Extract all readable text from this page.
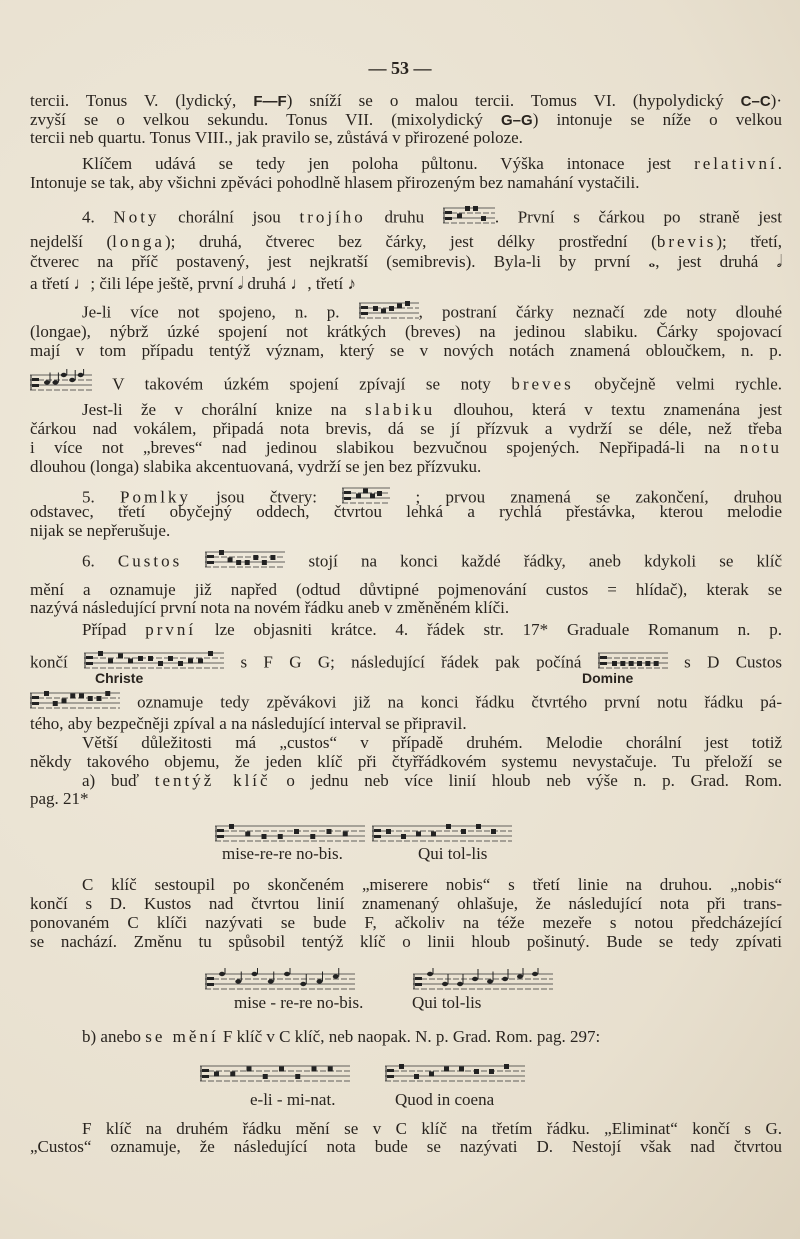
— 53 —
tercii. Tonus V. (lydický, F—F) sníží se o malou tercii. Tomus VI. (hypolydický C–C)·
zvyší se o velkou sekundu. Tonus VII. (mixolydický G–G) intonuje se níže o velkou
tercii neb quartu. Tonus VIII., jak pravilo se, zůstává v přirozené poloze.
Klíčem udává se tedy jen poloha půltonu. Výška intonace jest relativní.
Intonuje se tak, aby všichni zpěváci pohodlně hlasem přirozeným bez namahání vystačili.
4. Noty chorální jsou trojího druhu	. První s čárkou po straně jest
nejdelší (longa); druhá, čtverec bez čárky, jest délky prostřední (brevis); třetí,
čtverec na příč postavený, jest nejkratší (semibrevis). Byla-li by první 𝅝, jest druhá 𝅗𝅥
a třetí ♩; čili lépe ještě, první 𝅗𝅥 druhá ♩, třetí ♪
Je-li více not spojeno, n. p.	, postraní čárky neznačí zde noty dlouhé
(longae), nýbrž úzké spojení not krátkých (breves) na jedinou slabiku. Čárky spojovací
mají v tom případu tentýž význam, který se v nových notách znamená obloučkem, n. p.
V takovém úzkém spojení zpívají se noty breves obyčejně velmi rychle.
Jest-li že v chorální knize na slabiku dlouhou, která v textu znamenána jest
čárkou nad vokálem, připadá nota brevis, dá se jí přízvuk a vydrží se déle, než třeba
i více not „breves“ nad jedinou slabikou bezvučnou spojených. Nepřipadá-li na notu
dlouhou (longa) slabika akcentuovaná, vydrží se jen bez přízvuku.
5. Pomlky jsou čtvery:	; prvou znamená se zakončení, druhou
odstavec, třetí obyčejný oddech, čtvrtou lehká a rychlá přestávka, kterou melodie
nijak se nepřerušuje.
6. Custos	stojí na konci každé řádky, aneb kdykoli se klíč
mění a oznamuje již napřed (odtud důvtipné pojmenování custos = hlídač), kterak se
nazývá následující první nota na novém řádku aneb v změněném klíči.
Případ první lze objasniti krátce. 4. řádek str. 17* Graduale Romanum n. p.
končí	s F G G; následující řádek pak počíná	s D Custos
oznamuje tedy zpěvákovi již na konci řádku čtvrtého první notu řádku pá-
tého, aby bezpečněji zpíval a na následující interval se připravil.
Větší důležitosti má „custos“ v případě druhém. Melodie chorální jest totiž
někdy takového objemu, že jeden klíč při čtyřřádkovém systemu nevystačuje. Tu přeloží se
a) buď tentýž klíč o jednu neb více linií hloub neb výše n. p. Grad. Rom.
pag. 21*
C klíč sestoupil po skončeném „miserere nobis“ s třetí linie na druhou. „nobis“
končí s D. Kustos nad čtvrtou linií znamenaný ohlašuje, že následující nota při trans-
ponovaném C klíči nazývati se bude F, ačkoliv na téže mezeře s notou předcházející
se nachází. Změnu tu spůsobil tentýž klíč o linii hloub pošinutý. Bude se tedy zpívati
b) anebo se mění F klíč v C klíč, neb naopak. N. p. Grad. Rom. pag. 297:
F klíč na druhém řádku mění se v C klíč na třetím řádku. „Eliminat“ končí s G.
„Custos“ oznamuje, že následující nota bude se nazývati D. Nestojí však nad čtvrtou
Christe	Domine
mise-re-re no-bis.	Qui tol-lis
mise - re-re no-bis.	Qui tol-lis
e-li - mi-nat.	Quod in coena
